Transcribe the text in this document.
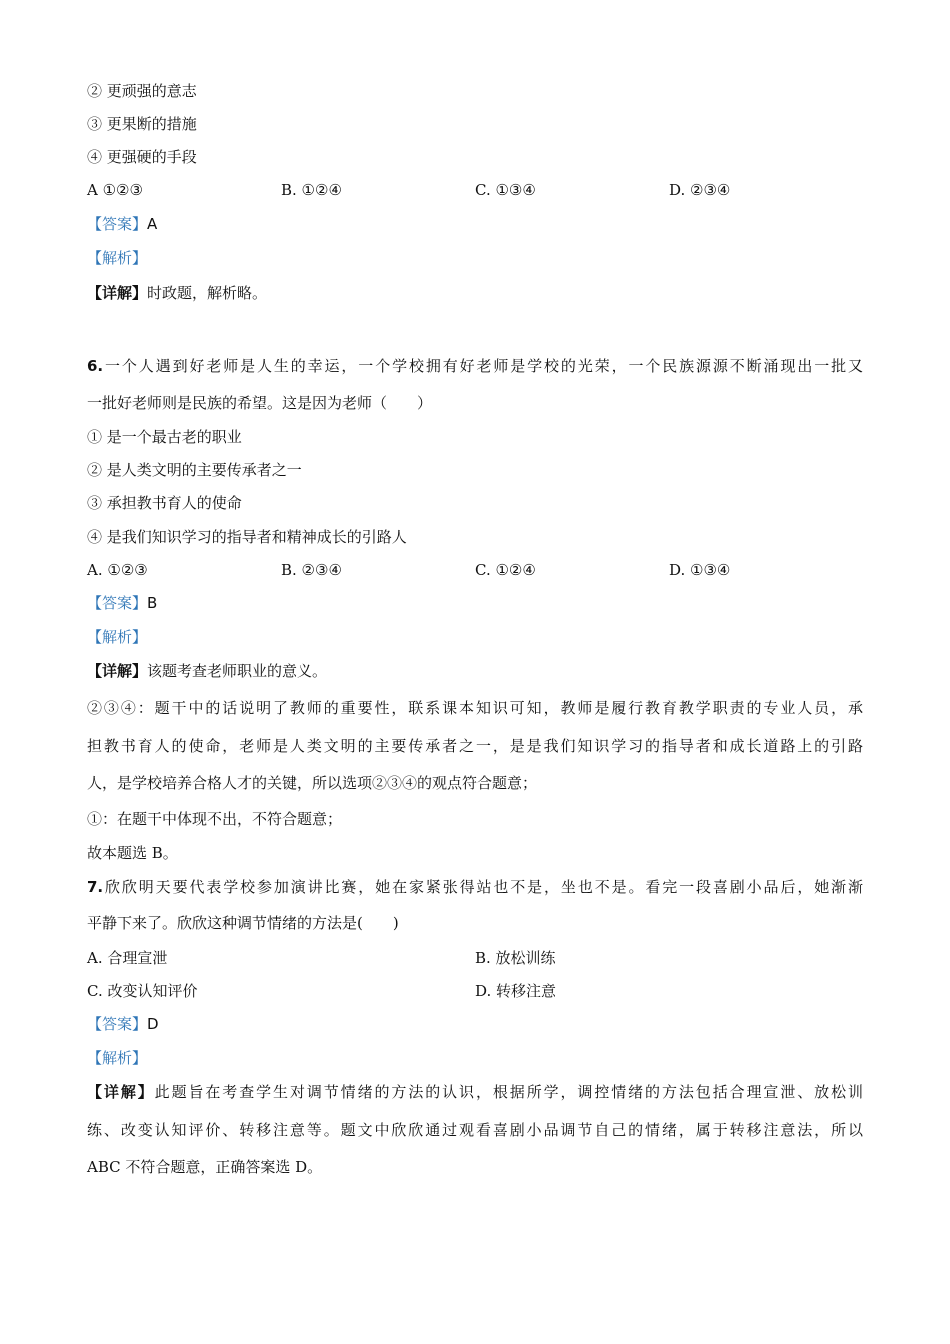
② 更顽强的意志
③ 更果断的措施
④ 更强硬的手段
A ①②③	B. ①②④	C. ①③④	D. ②③④
【答案】A
【解析】
【详解】时政题，解析略。
6.一个人遇到好老师是人生的幸运，一个学校拥有好老师是学校的光荣，一个民族源源不断涌现出一批又
一批好老师则是民族的希望。这是因为老师（　　）
① 是一个最古老的职业
② 是人类文明的主要传承者之一
③ 承担教书育人的使命
④ 是我们知识学习的指导者和精神成长的引路人
A. ①②③	B. ②③④	C. ①②④	D. ①③④
【答案】B
【解析】
【详解】该题考查老师职业的意义。
②③④：题干中的话说明了教师的重要性，联系课本知识可知，教师是履行教育教学职责的专业人员，承
担教书育人的使命，老师是人类文明的主要传承者之一，是是我们知识学习的指导者和成长道路上的引路
人，是学校培养合格人才的关键，所以选项②③④的观点符合题意；
①：在题干中体现不出，不符合题意；
故本题选 B。
7.欣欣明天要代表学校参加演讲比赛，她在家紧张得站也不是，坐也不是。看完一段喜剧小品后，她渐渐
平静下来了。欣欣这种调节情绪的方法是(　　)
A. 合理宣泄	B. 放松训练
C. 改变认知评价	D. 转移注意
【答案】D
【解析】
【详解】此题旨在考查学生对调节情绪的方法的认识，根据所学，调控情绪的方法包括合理宣泄、放松训
练、改变认知评价、转移注意等。题文中欣欣通过观看喜剧小品调节自己的情绪，属于转移注意法，所以
ABC 不符合题意，正确答案选 D。
